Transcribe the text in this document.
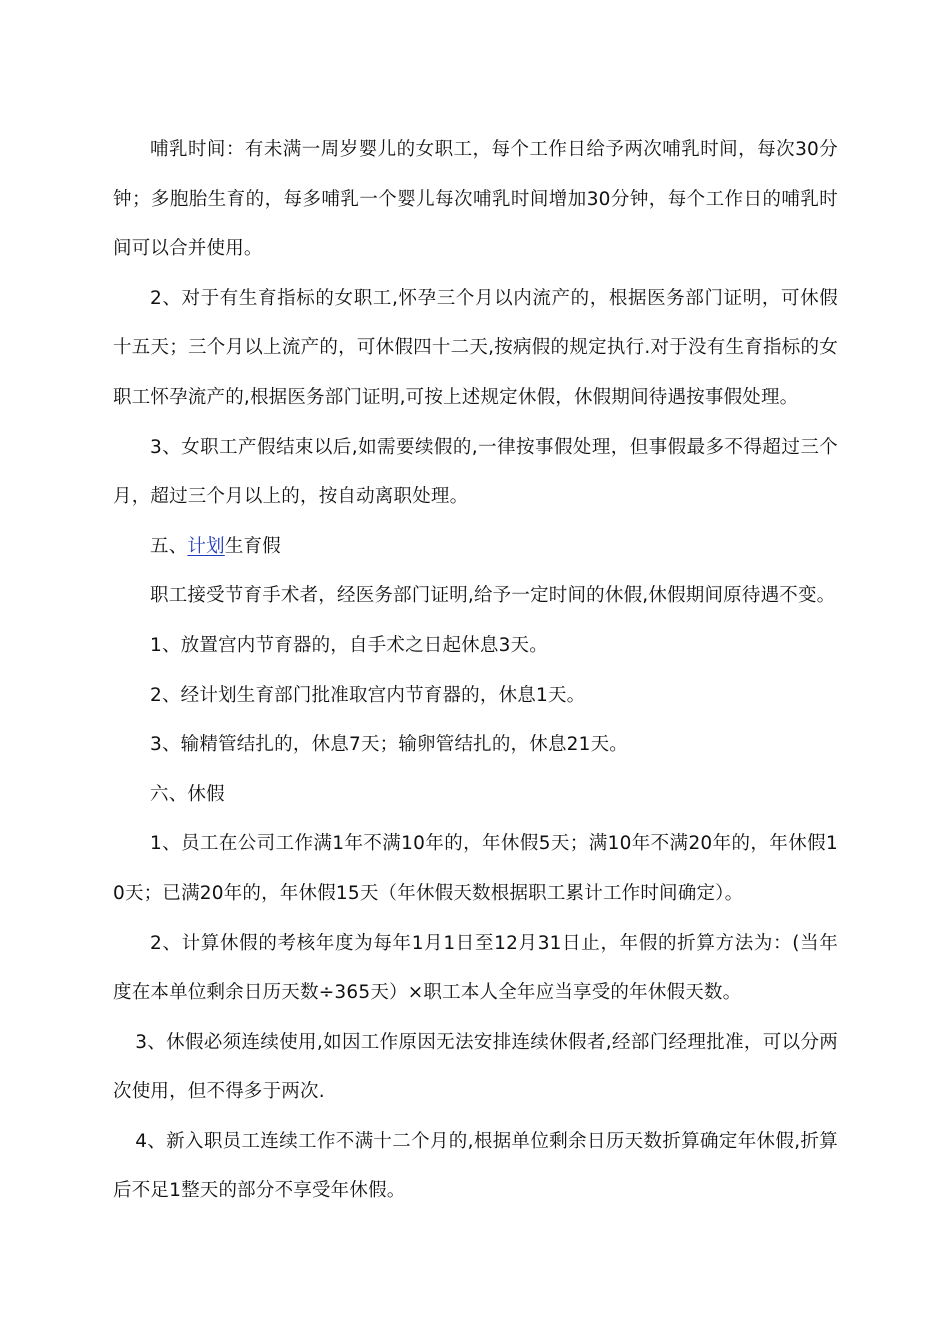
哺乳时间：有未满一周岁婴儿的女职工，每个工作日给予两次哺乳时间，每次30分钟；多胞胎生育的，每多哺乳一个婴儿每次哺乳时间增加30分钟，每个工作日的哺乳时间可以合并使用。

2、对于有生育指标的女职工,怀孕三个月以内流产的，根据医务部门证明，可休假十五天；三个月以上流产的，可休假四十二天,按病假的规定执行.对于没有生育指标的女职工怀孕流产的,根据医务部门证明,可按上述规定休假，休假期间待遇按事假处理。

3、女职工产假结束以后,如需要续假的,一律按事假处理，但事假最多不得超过三个月，超过三个月以上的，按自动离职处理。

五、计划生育假

职工接受节育手术者，经医务部门证明,给予一定时间的休假,休假期间原待遇不变。

1、放置宫内节育器的，自手术之日起休息3天。

2、经计划生育部门批准取宫内节育器的，休息1天。

3、输精管结扎的，休息7天；输卵管结扎的，休息21天。

六、休假

1、员工在公司工作满1年不满10年的，年休假5天；满10年不满20年的，年休假10天；已满20年的，年休假15天（年休假天数根据职工累计工作时间确定）。

2、计算休假的考核年度为每年1月1日至12月31日止，年假的折算方法为：(当年度在本单位剩余日历天数÷365天）×职工本人全年应当享受的年休假天数。

3、休假必须连续使用,如因工作原因无法安排连续休假者,经部门经理批准，可以分两次使用，但不得多于两次.

4、新入职员工连续工作不满十二个月的,根据单位剩余日历天数折算确定年休假,折算后不足1整天的部分不享受年休假。
